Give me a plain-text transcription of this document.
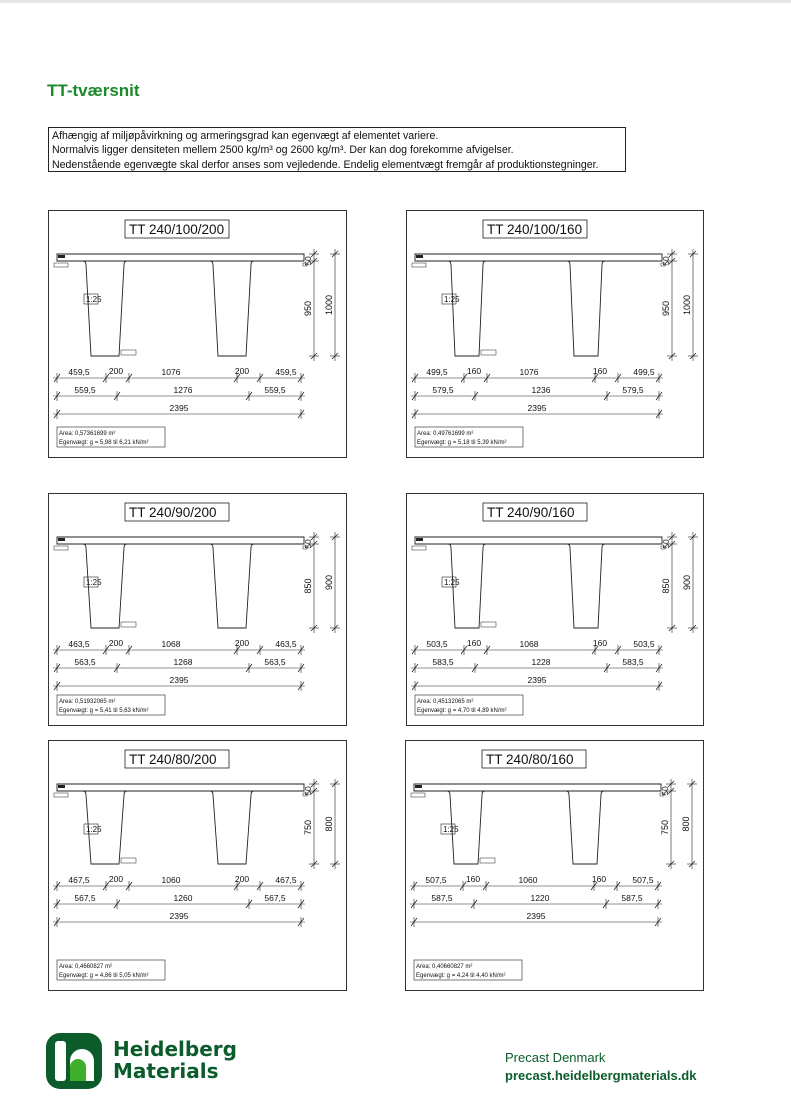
TT-tværsnit
Afhængig af miljøpåvirkning og armeringsgrad kan egenvægt af elementet variere.
Normalvis ligger densiteten mellem 2500 kg/m³ og 2600 kg/m³. Der kan dog forekomme afvigelser.
Nedenstående egenvægte skal derfor anses som vejledende. Endelig elementvægt fremgår af produktionstegninger.
TT 240/100/200
1:25
50
950 1000
459,5 200	1076	200	459,5
559,5	1276	559,5
2395
Area: 0,57361699 m²
Egenvægt: g = 5,98 til 6,21 kN/m²
TT 240/100/160
1:25
50
950 1000
499,5 160	1076	160	499,5
579,5	1236	579,5
2395
Area: 0,49761699 m²
Egenvægt: g = 5,18 til 5,39 kN/m²
TT 240/90/200
1:25
50
850 900
463,5 200	1068	200	463,5
563,5	1268	563,5
2395
Area: 0,51932065 m²
Egenvægt: g = 5,41 til 5,63 kN/m²
TT 240/90/160
1:25
50
850 900
503,5 160	1068	160	503,5
583,5	1228	583,5
2395
Area: 0,45132065 m²
Egenvægt: g = 4,70 til 4,89 kN/m²
TT 240/80/200
1:25
50
750 800
467,5 200	1060	200	467,5
567,5	1260	567,5
2395
Area: 0,4660827 m²
Egenvægt: g = 4,86 til 5,05 kN/m²
TT 240/80/160
1:25
50
750 800
507,5 160	1060	160	507,5
587,5	1220	587,5
2395
Area: 0,40660827 m²
Egenvægt: g = 4,24 til 4,40 kN/m²
Heidelberg
Materials
Precast Denmark
precast.heidelbergmaterials.dk
